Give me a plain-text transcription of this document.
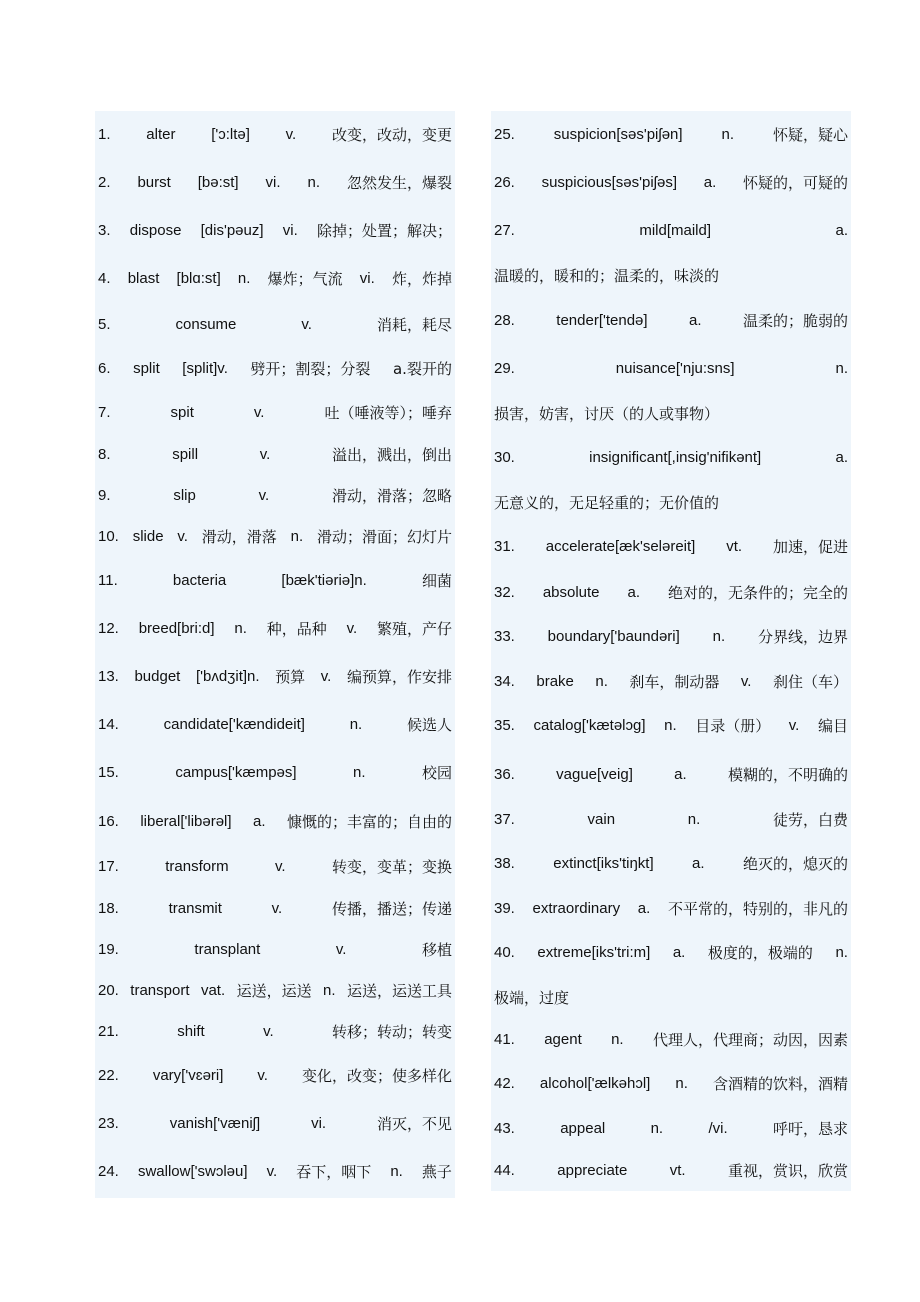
1. alter ['ɔ:ltə] v. 改变，改动，变更
2. burst [bə:st] vi. n. 忽然发生，爆裂
3. dispose [dis'pəuz] vi. 除掉；处置；解决；
4. blast [blɑ:st] n. 爆炸；气流 vi. 炸，炸掉
5.	consume	v.	消耗，耗尽
6. split [split]v. 劈开；割裂；分裂 a.裂开的
7.	spit	v.	吐（唾液等）；唾弃
8.	spill	v.	溢出，溅出，倒出
9.	slip	v.	滑动，滑落；忽略
10. slide v. 滑动，滑落 n. 滑动；滑面；幻灯片
11.	bacteria	[bæk'tiəriə]n.	细菌
12. breed[bri:d] n. 种，品种 v. 繁殖，产仔
13. budget ['bʌdʒit]n. 预算 v. 编预算，作安排
14.	candidate['kændideit]	n.	候选人
15.	campus['kæmpəs]	n.	校园
16. liberal['libərəl] a. 慷慨的；丰富的；自由的
17.	transform	v.	转变，变革；变换
18.	transmit	v.	传播，播送；传递
19.	transplant	v.	移植
20. transport vat. 运送，运送 n. 运送，运送工具
21.	shift	v.	转移；转动；转变
22. vary['vɛəri] v. 变化，改变；使多样化
23.	vanish['væniʃ]	vi.	消灭，不见
24. swallow['swɔləu] v. 吞下，咽下 n. 燕子
25.	suspicion[səs'piʃən]	n.	怀疑，疑心
26. suspicious[səs'piʃəs] a. 怀疑的，可疑的
27.	mild[maild]	a.
温暖的，暖和的；温柔的，味淡的
28.	tender['tendə]	a.	温柔的；脆弱的
29.	nuisance['nju:sns]	n.
损害，妨害，讨厌（的人或事物）
30.	insignificant[,insig'nifikənt]	a.
无意义的，无足轻重的；无价值的
31. accelerate[æk'seləreit] vt. 加速，促进
32. absolute a. 绝对的，无条件的；完全的
33. boundary['baundəri] n. 分界线，边界
34. brake n. 刹车，制动器 v. 刹住（车）
35. catalog['kætəlɔg] n. 目录（册） v. 编目
36.	vague[veig]	a.	模糊的，不明确的
37.	vain	n.	徒劳，白费
38.	extinct[iks'tiŋkt]	a.	绝灭的，熄灭的
39. extraordinary a. 不平常的，特别的，非凡的
40. extreme[iks'tri:m] a. 极度的，极端的 n.
极端，过度
41. agent n. 代理人，代理商；动因，因素
42. alcohol['ælkəhɔl] n. 含酒精的饮料，酒精
43.	appeal	n.	/vi.	呼吁，恳求
44.	appreciate	vt.	重视，赏识，欣赏
